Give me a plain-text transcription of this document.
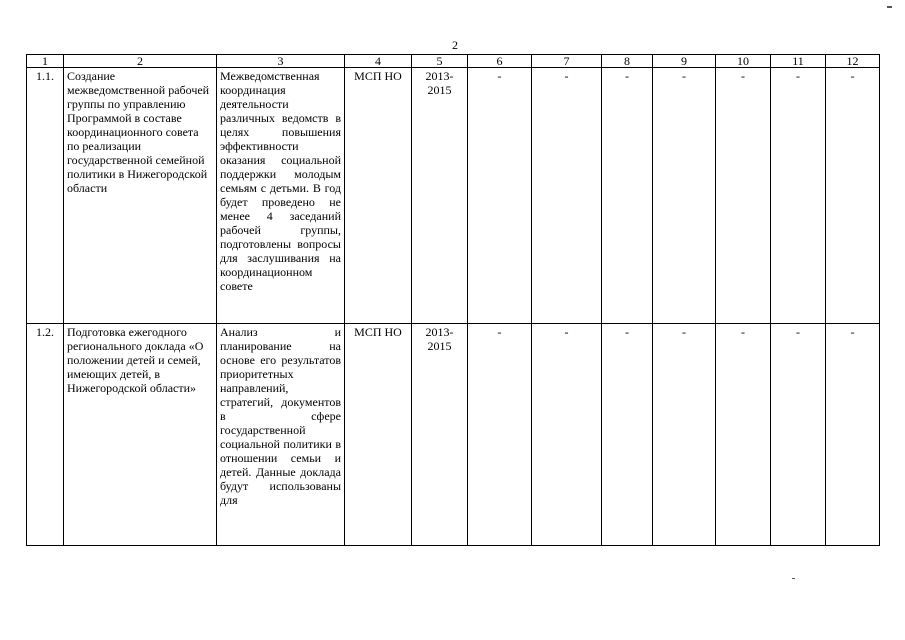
2
1	2	3	4	5	6	7	8	9	10	11	12
1.1.	Создание межведомственной рабочей группы по управлению Программой в составе координационного совета по реализации государственной семейной политики в Нижегородской области	Межведомственная координация деятельности различных ведомств в целях повышения эффективности оказания социальной поддержки молодым семьям с детьми. В год будет проведено не менее 4 заседаний рабочей группы, подготовлены вопросы для заслушивания на координационном совете	МСП НО	2013-2015	-	-	-	-	-	-	-
1.2.	Подготовка ежегодного регионального доклада «О положении детей и семей, имеющих детей, в Нижегородской области»	Анализ и планирование на основе его результатов приоритетных направлений, стратегий, документов в сфере государственной социальной политики в отношении семьи и детей. Данные доклада будут использованы для	МСП НО	2013-2015	-	-	-	-	-	-	-
